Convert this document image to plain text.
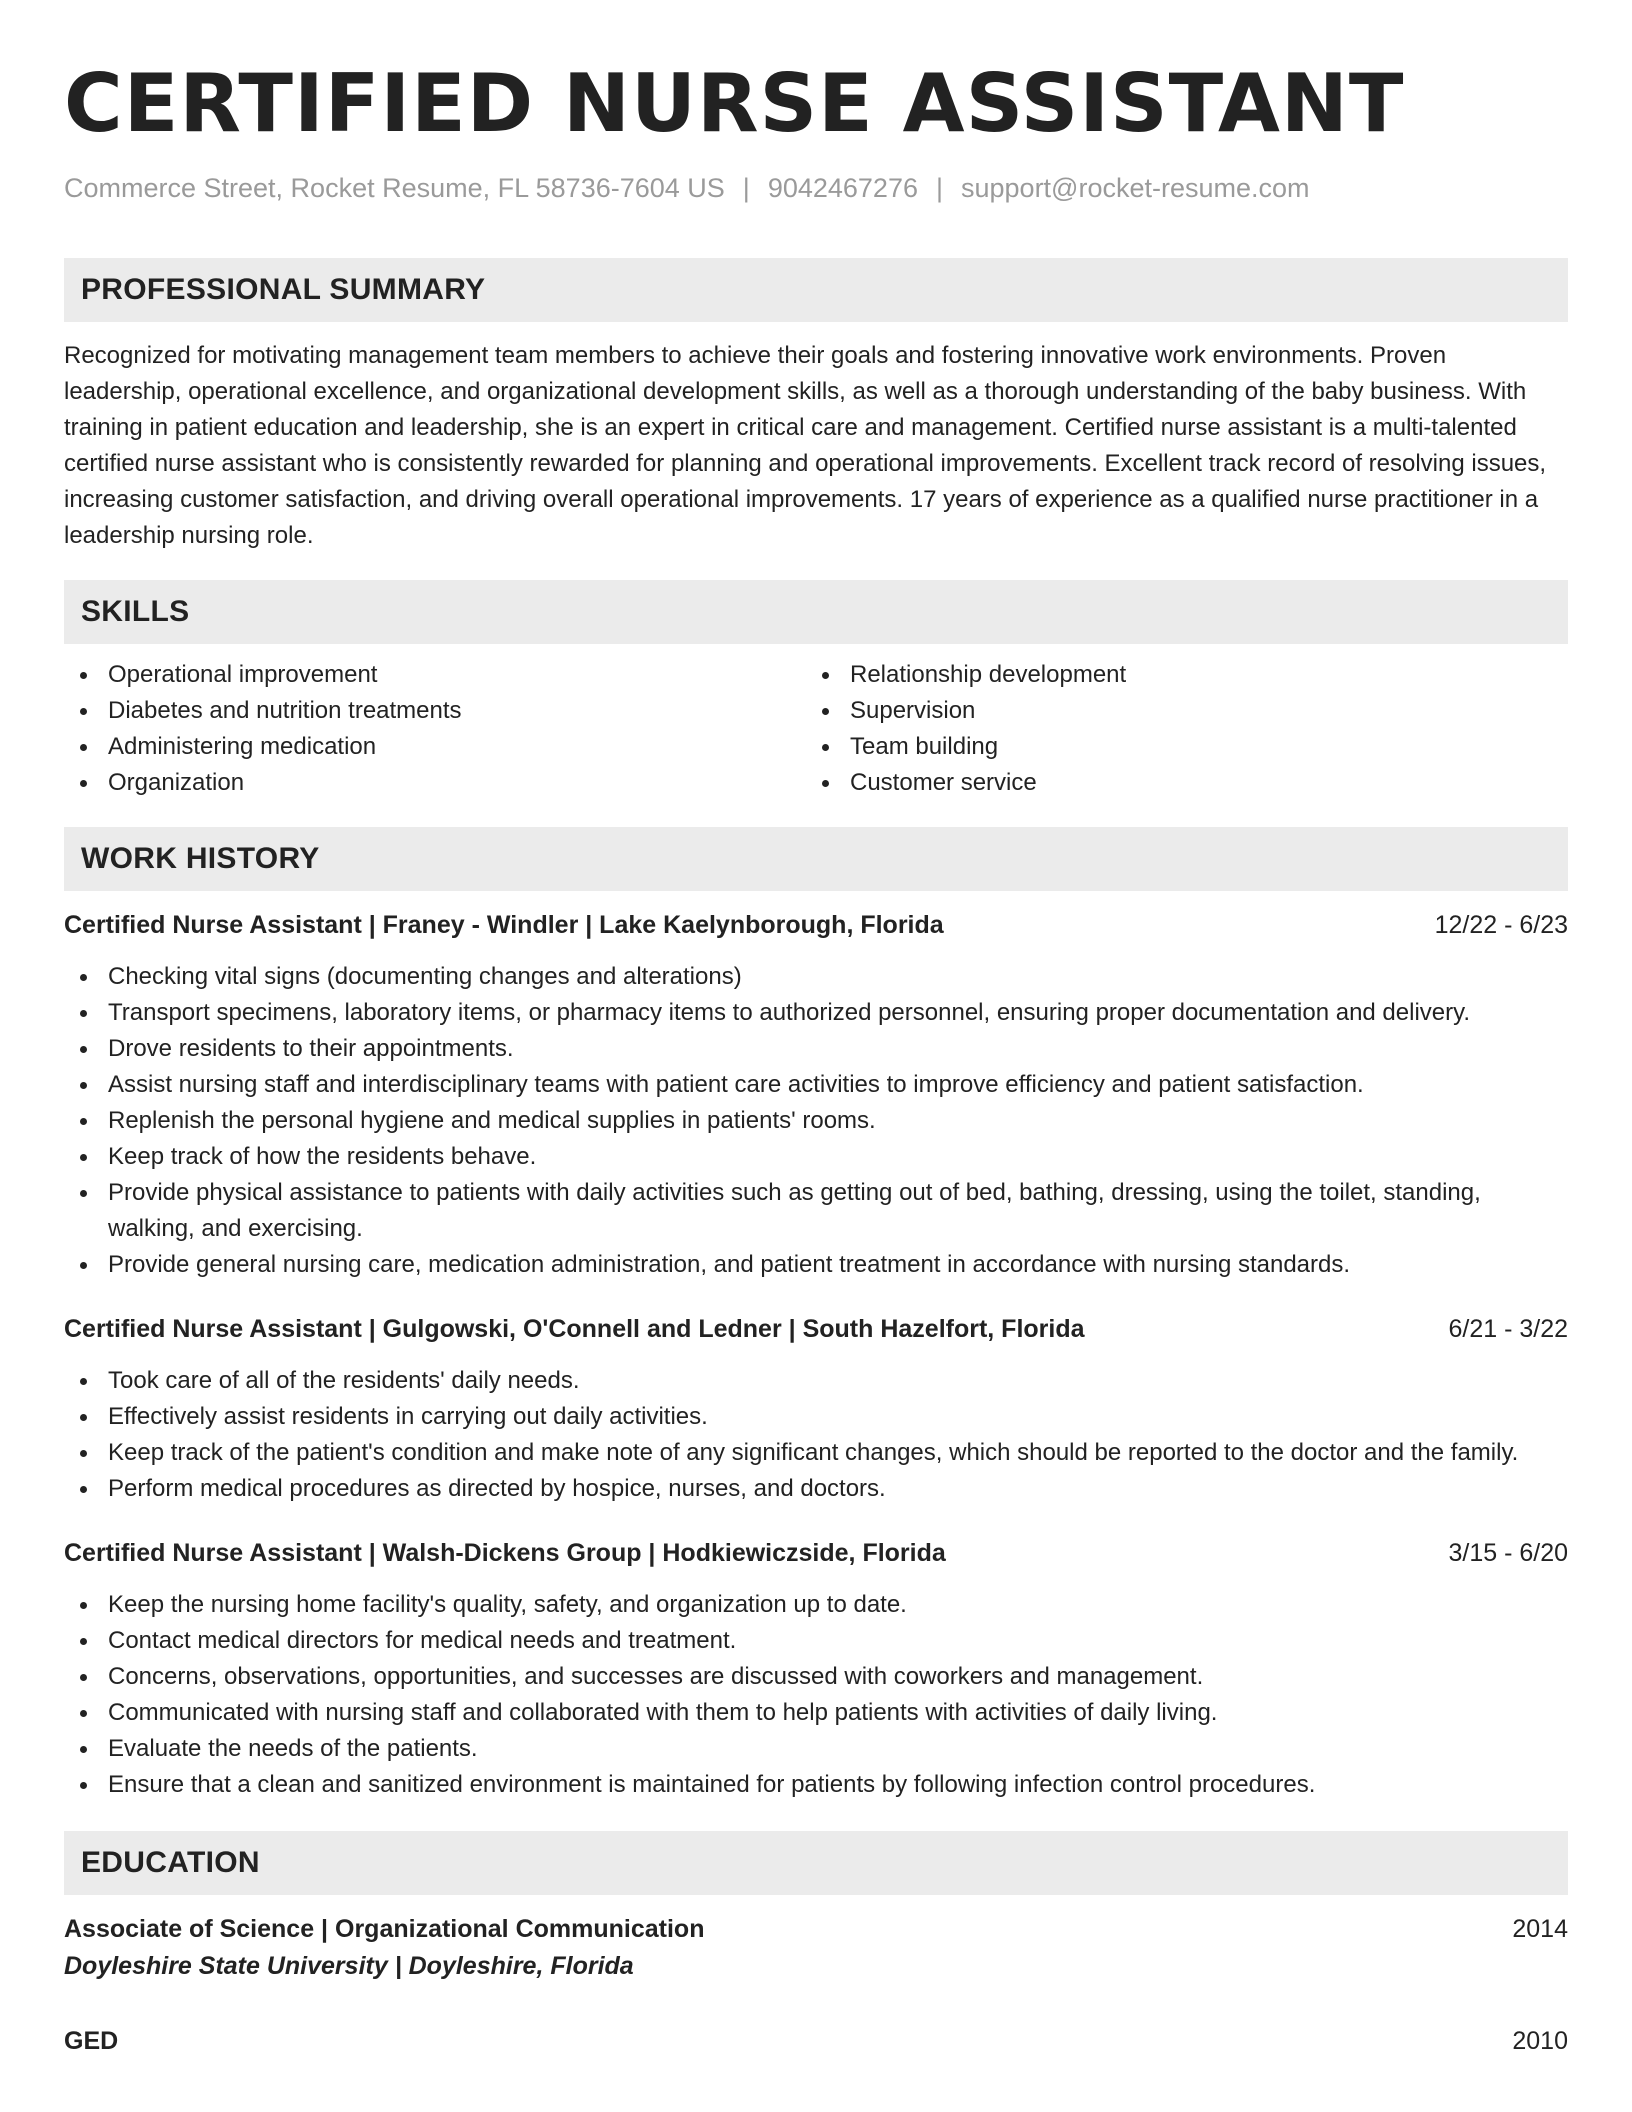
CERTIFIED NURSE ASSISTANT
Commerce Street, Rocket Resume, FL 58736-7604 US | 9042467276 | support@rocket-resume.com
PROFESSIONAL SUMMARY

Recognized for motivating management team members to achieve their goals and fostering innovative work environments. Proven leadership, operational excellence, and organizational development skills, as well as a thorough understanding of the baby business. With training in patient education and leadership, she is an expert in critical care and management. Certified nurse assistant is a multi-talented certified nurse assistant who is consistently rewarded for planning and operational improvements. Excellent track record of resolving issues, increasing customer satisfaction, and driving overall operational improvements. 17 years of experience as a qualified nurse practitioner in a leadership nursing role.

SKILLS
Operational improvement
Diabetes and nutrition treatments
Administering medication
Organization
Relationship development
Supervision
Team building
Customer service
WORK HISTORY
Certified Nurse Assistant | Franey - Windler | Lake Kaelynborough, Florida	12/22 - 6/23
Checking vital signs (documenting changes and alterations)
Transport specimens, laboratory items, or pharmacy items to authorized personnel, ensuring proper documentation and delivery.
Drove residents to their appointments.
Assist nursing staff and interdisciplinary teams with patient care activities to improve efficiency and patient satisfaction.
Replenish the personal hygiene and medical supplies in patients' rooms.
Keep track of how the residents behave.
Provide physical assistance to patients with daily activities such as getting out of bed, bathing, dressing, using the toilet, standing, walking, and exercising.
Provide general nursing care, medication administration, and patient treatment in accordance with nursing standards.
Certified Nurse Assistant | Gulgowski, O'Connell and Ledner | South Hazelfort, Florida	6/21 - 3/22
Took care of all of the residents' daily needs.
Effectively assist residents in carrying out daily activities.
Keep track of the patient's condition and make note of any significant changes, which should be reported to the doctor and the family.
Perform medical procedures as directed by hospice, nurses, and doctors.
Certified Nurse Assistant | Walsh-Dickens Group | Hodkiewiczside, Florida	3/15 - 6/20
Keep the nursing home facility's quality, safety, and organization up to date.
Contact medical directors for medical needs and treatment.
Concerns, observations, opportunities, and successes are discussed with coworkers and management.
Communicated with nursing staff and collaborated with them to help patients with activities of daily living.
Evaluate the needs of the patients.
Ensure that a clean and sanitized environment is maintained for patients by following infection control procedures.
EDUCATION
Associate of Science | Organizational Communication	2014
Doyleshire State University | Doyleshire, Florida
GED	2010
